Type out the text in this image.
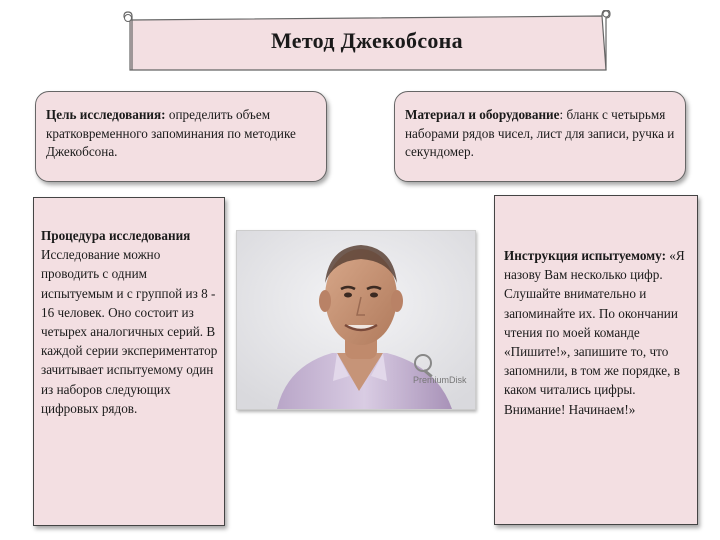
Метод Джекобсона
Цель исследования: определить объем кратковременного запоминания по методике Джекобсона.
Материал и оборудование: бланк с четырьмя наборами рядов чисел, лист для записи, ручка и секундомер.
Процедура исследования
Исследование можно проводить с одним испытуемым и с группой из 8 - 16 человек. Оно состоит из четырех аналогичных серий. В каждой серии экспериментатор зачитывает испытуемому один из наборов следующих цифровых рядов.
PremiumDisk
Инструкция испытуемому: «Я назову Вам несколько цифр. Слушайте внимательно и запоминайте их. По окончании чтения по моей команде «Пишите!», запишите то, что запомнили, в том же порядке, в каком читались цифры. Внимание! Начинаем!»
